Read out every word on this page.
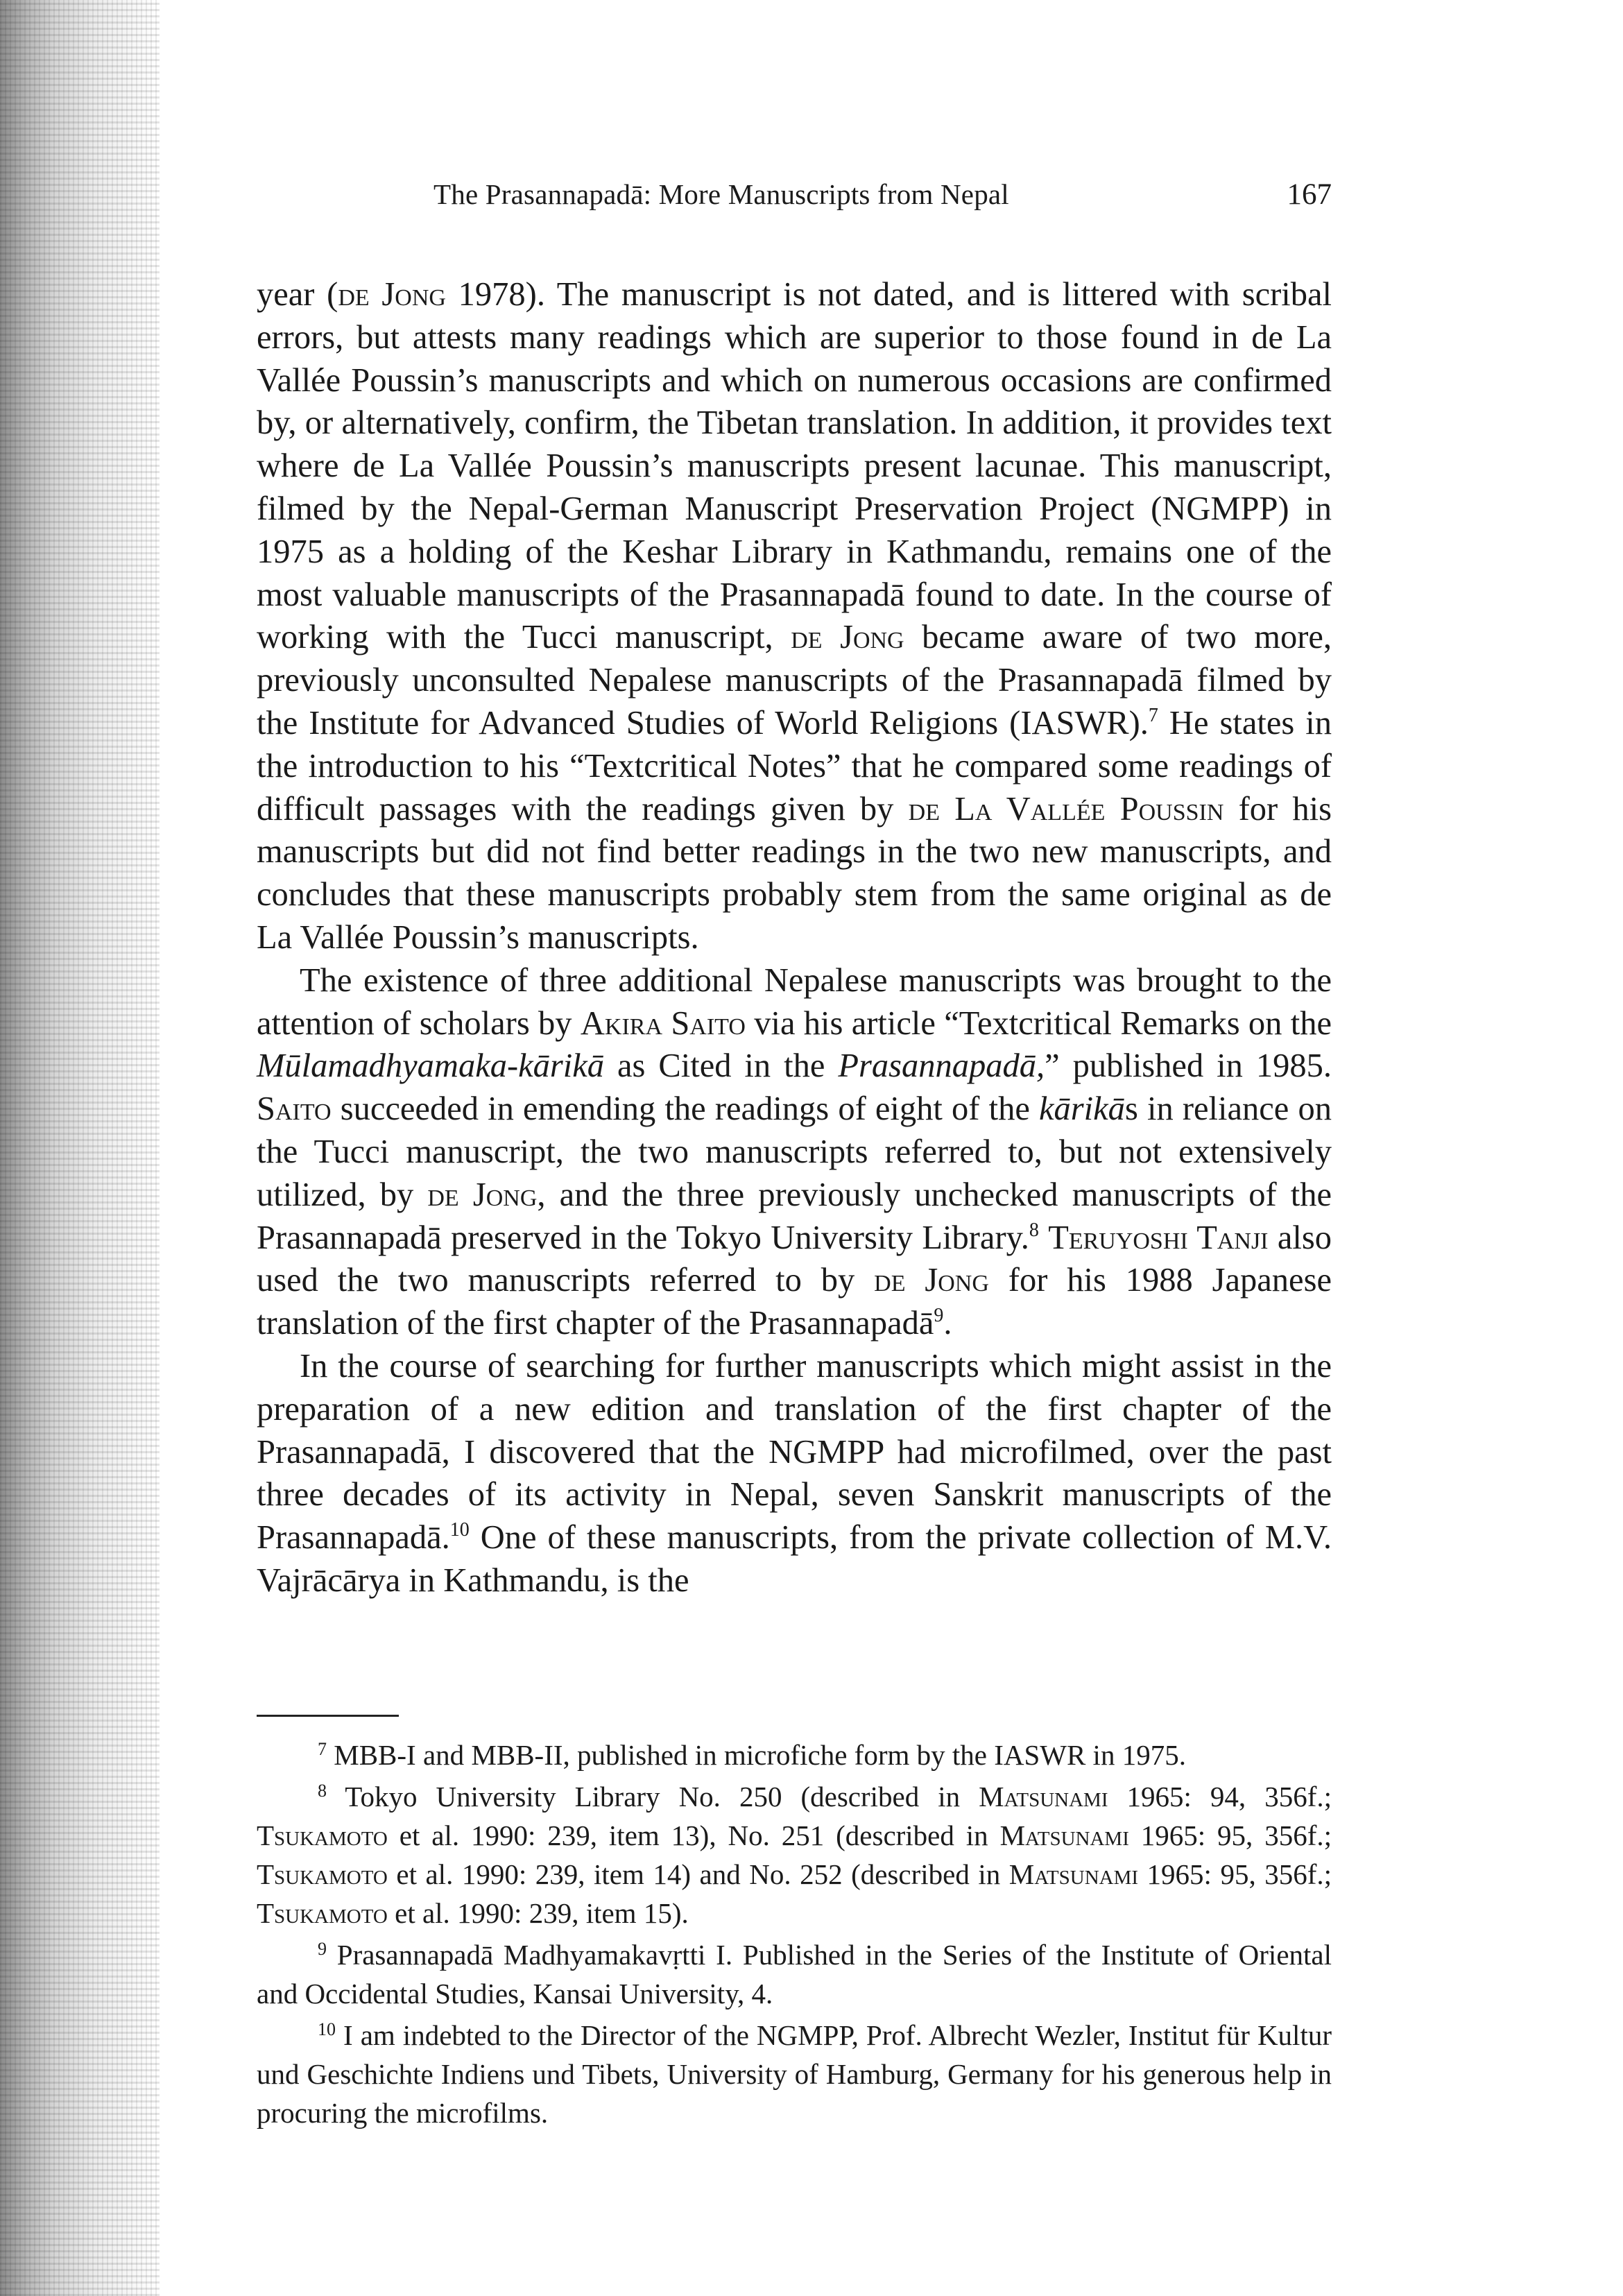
The Prasannapadā: More Manuscripts from Nepal	167

year (de Jong 1978). The manuscript is not dated, and is littered with scribal errors, but attests many readings which are superior to those found in de La Vallée Poussin’s manuscripts and which on numerous occasions are confirmed by, or alternatively, confirm, the Tibetan translation. In addition, it provides text where de La Vallée Poussin’s manuscripts present lacunae. This manuscript, filmed by the Nepal-German Manuscript Preservation Project (NGMPP) in 1975 as a holding of the Keshar Library in Kathmandu, remains one of the most valuable manuscripts of the Prasannapadā found to date. In the course of working with the Tucci manuscript, de Jong became aware of two more, previously unconsulted Nepalese manuscripts of the Prasannapadā filmed by the Institute for Advanced Studies of World Religions (IASWR).$^7$ He states in the introduction to his “Textcritical Notes” that he compared some readings of difficult passages with the readings given by de La Vallée Poussin for his manuscripts but did not find better readings in the two new manuscripts, and concludes that these manuscripts probably stem from the same original as de La Vallée Poussin’s manuscripts.

The existence of three additional Nepalese manuscripts was brought to the attention of scholars by Akira Saito via his article “Textcritical Remarks on the Mūlamadhyamaka-kārikā as Cited in the Prasannapadā,” published in 1985. Saito succeeded in emending the readings of eight of the kārikās in reliance on the Tucci manuscript, the two manuscripts referred to, but not extensively utilized, by de Jong, and the three previously unchecked manuscripts of the Prasannapadā preserved in the Tokyo University Library.$^8$ Teruyoshi Tanji also used the two manuscripts referred to by de Jong for his 1988 Japanese translation of the first chapter of the Prasannapadā$^9$.

In the course of searching for further manuscripts which might assist in the preparation of a new edition and translation of the first chapter of the Prasannapadā, I discovered that the NGMPP had microfilmed, over the past three decades of its activity in Nepal, seven Sanskrit manuscripts of the Prasannapadā.$^{10}$ One of these manuscripts, from the private collection of M.V. Vajrācārya in Kathmandu, is the

$^7$ MBB-I and MBB-II, published in microfiche form by the IASWR in 1975.

$^8$ Tokyo University Library No. 250 (described in Matsunami 1965: 94, 356f.; Tsukamoto et al. 1990: 239, item 13), No. 251 (described in Matsunami 1965: 95, 356f.; Tsukamoto et al. 1990: 239, item 14) and No. 252 (described in Matsunami 1965: 95, 356f.; Tsukamoto et al. 1990: 239, item 15).

$^9$ Prasannapadā Madhyamakavṛtti I. Published in the Series of the Institute of Oriental and Occidental Studies, Kansai University, 4.

$^{10}$ I am indebted to the Director of the NGMPP, Prof. Albrecht Wezler, Institut für Kultur und Geschichte Indiens und Tibets, University of Hamburg, Germany for his generous help in procuring the microfilms.
